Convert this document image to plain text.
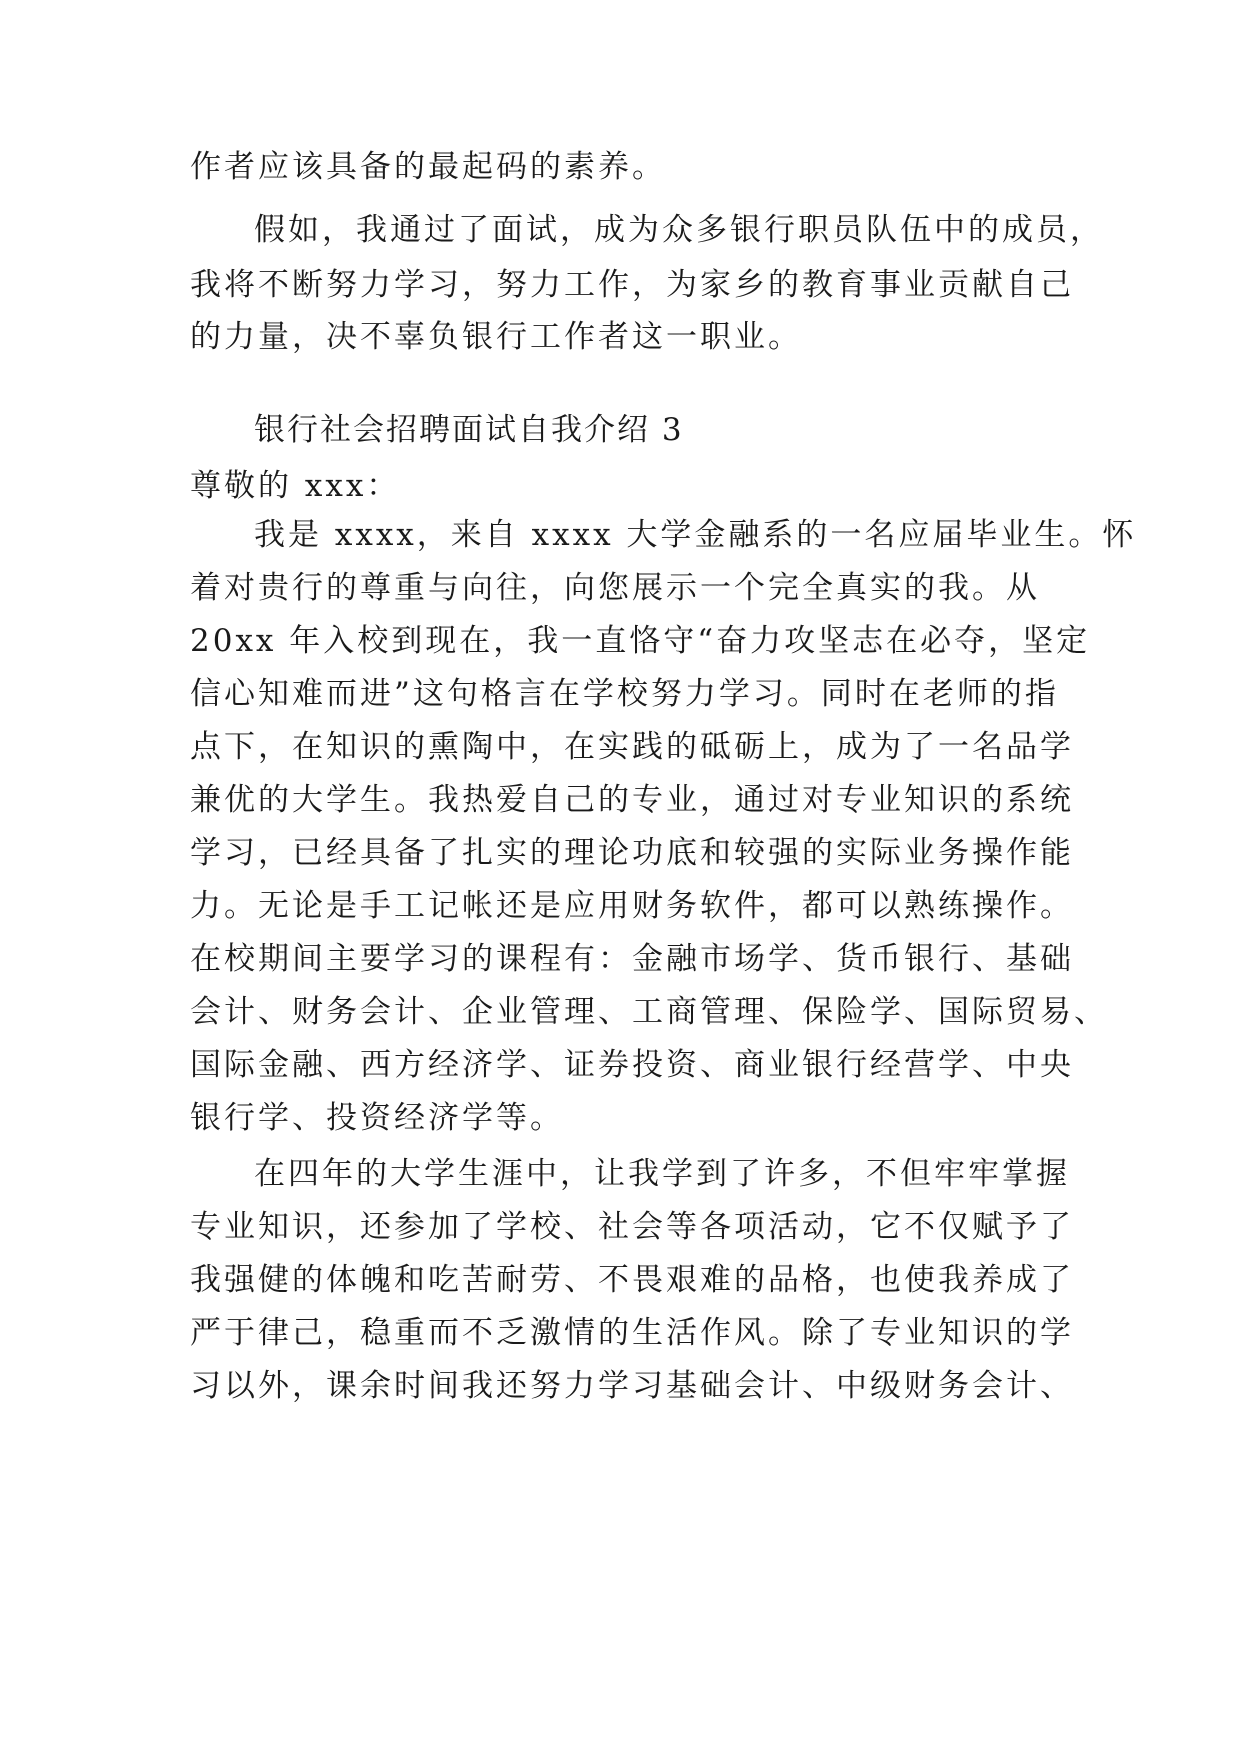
作者应该具备的最起码的素养。
假如，我通过了面试，成为众多银行职员队伍中的成员，
我将不断努力学习，努力工作，为家乡的教育事业贡献自己
的力量，决不辜负银行工作者这一职业。
银行社会招聘面试自我介绍 3
尊敬的 xxx：
我是 xxxx，来自 xxxx 大学金融系的一名应届毕业生。怀
着对贵行的尊重与向往，向您展示一个完全真实的我。从
20xx 年入校到现在，我一直恪守“奋力攻坚志在必夺，坚定
信心知难而进”这句格言在学校努力学习。同时在老师的指
点下，在知识的熏陶中，在实践的砥砺上，成为了一名品学
兼优的大学生。我热爱自己的专业，通过对专业知识的系统
学习，已经具备了扎实的理论功底和较强的实际业务操作能
力。无论是手工记帐还是应用财务软件，都可以熟练操作。
在校期间主要学习的课程有：金融市场学、货币银行、基础
会计、财务会计、企业管理、工商管理、保险学、国际贸易、
国际金融、西方经济学、证券投资、商业银行经营学、中央
银行学、投资经济学等。
在四年的大学生涯中，让我学到了许多，不但牢牢掌握
专业知识，还参加了学校、社会等各项活动，它不仅赋予了
我强健的体魄和吃苦耐劳、不畏艰难的品格，也使我养成了
严于律己，稳重而不乏激情的生活作风。除了专业知识的学
习以外，课余时间我还努力学习基础会计、中级财务会计、
